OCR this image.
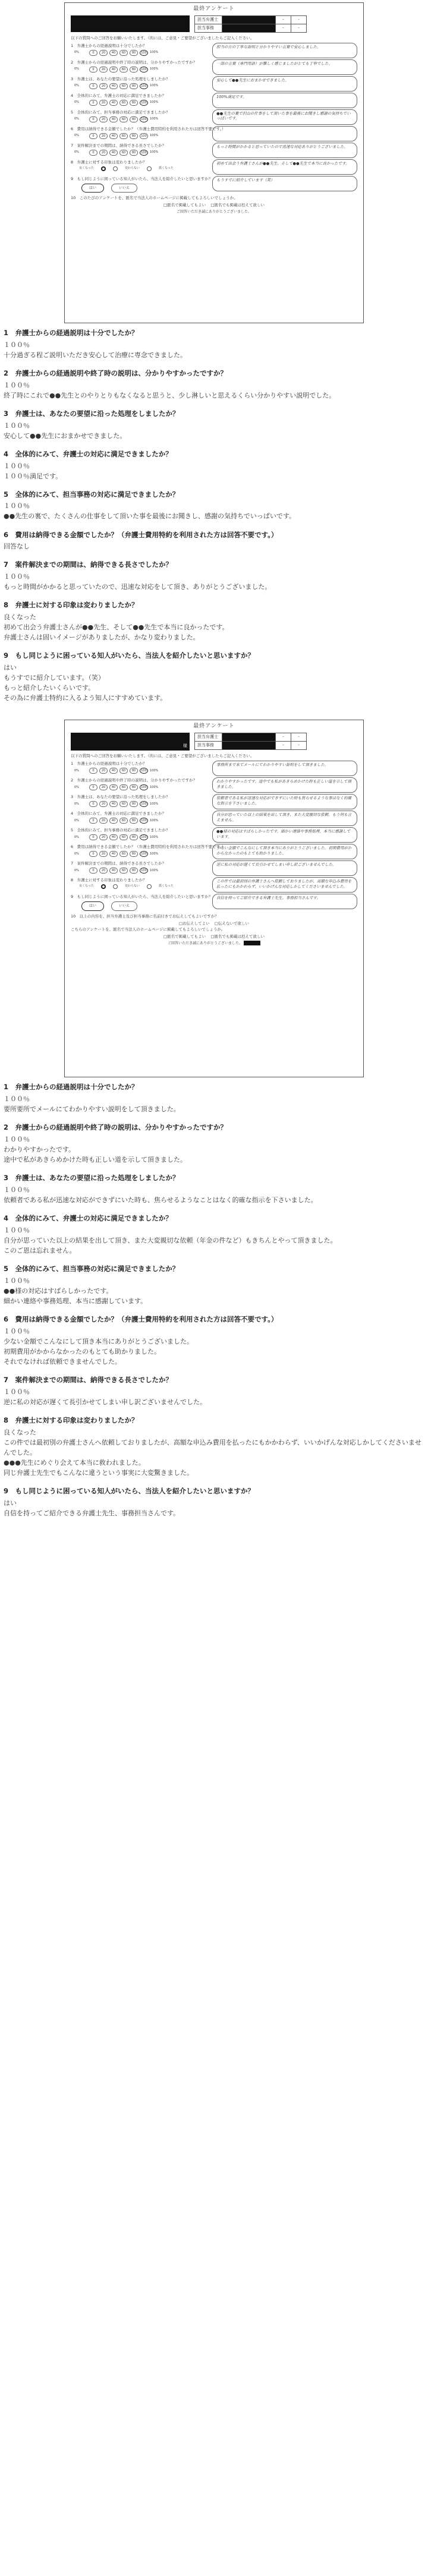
最終アンケート
担当弁護士		-	-
担当事務		-	-
以下の質問へのご回答をお願いいたします。（的には、ご意見・ご要望がございましたらご記入ください。
1　弁護士からの経過説明は十分でしたか？
0%	0	20	40	60	80	100	100%
担当の方の丁寧な説明と分かりやすい言葉で安心しました。
2　弁護士からの経過説明や終了時の説明は、分かりやすかったですか？
0%	0	20	40	60	80	100	100%
一部の言葉（専門用語）が難しく感じましたがとても丁寧でした。
3　弁護士は、あなたの要望に沿った処理をしましたか？
0%	0	20	40	60	80	100	100%
安心して●●先生におまかせできました。
4　全体的にみて、弁護士の対応に満足できましたか？
0%	0	20	40	60	80	100	100%
100%満足です。
5　全体的にみて、担当事務の対応に満足できましたか？
0%	0	20	40	60	80	100	100%
●●先生の裏で沢山の仕事をして頂いた事を最後にお聞きし感謝の気持ちでいっぱいです。
6　費用は納得できる金額でしたか？（弁護士費用特約を利用された方は回答不要です。）
0%	0	20	40	60	80	100	100%
7　案件解決までの期間は、納得できる長さでしたか？
0%	0	20	40	60	80	100	100%
もっと時間がかかると思っていたので迅速な対応ありがとうございました。
8　弁護士に対する印象は変わりましたか？
良くなった	変わらない	悪くなった
初めて出会う弁護士さんが●●先生、そして●●先生で本当に良かったです。
9　もし同じように困っている知人がいたら、当法人を紹介したいと思いますか？
はい	いいえ
もうすでに紹介しています（笑）
10　このたびのアンケートを、匿名で当法人のホームページに掲載してもよろしいでしょうか。
□匿名で掲載してもよい □匿名でも掲載は控えて欲しい
ご回答いただき誠にありがとうございました。
1　弁護士からの経過説明は十分でしたか？

１００％

十分過ぎる程ご説明いただき安心して治療に専念できました。

2　弁護士からの経過説明や終了時の説明は、分かりやすかったですか？

１００％

終了時にこれで●●先生とのやりとりもなくなると思うと、少し淋しいと思えるくらい分かりやすい説明でした。

3　弁護士は、あなたの要望に沿った処理をしましたか？

１００％

安心して●●先生におまかせできました。

4　全体的にみて、弁護士の対応に満足できましたか？

１００％

１００％満足です。

5　全体的にみて、担当事務の対応に満足できましたか？

１００％

●●先生の裏で、たくさんの仕事をして頂いた事を最後にお聞きし、感謝の気持ちでいっぱいです。

6　費用は納得できる金額でしたか？（弁護士費用特約を利用された方は回答不要です。）

回答なし

7　案件解決までの期間は、納得できる長さでしたか？

１００％

もっと時間がかかると思っていたので、迅速な対応をして頂き、ありがとうございました。

8　弁護士に対する印象は変わりましたか？

良くなった

初めて出会う弁護士さんが●●先生、そして●●先生で本当に良かったです。

弁護士さんは固いイメージがありましたが、かなり変わりました。

9　もし同じように困っている知人がいたら、当法人を紹介したいと思いますか？

はい

もうすでに紹介しています。（笑）

もっと紹介したいくらいです。

その為に弁護士特約に入るよう知人にすすめています。

最終アンケート
様
担当弁護士		-	-
担当事務		-	-
以下の質問へのご回答をお願いいたします。（的には、ご意見・ご要望がございましたらご記入ください。
1　弁護士からの経過説明は十分でしたか？
0%	0	20	40	60	80	100	100%
事務所まで来てメールにてわかりやすい説明をして頂きました。
2　弁護士からの経過説明や終了時の説明は、分かりやすかったですか？
0%	0	20	40	60	80	100	100%
わかりやすかったです。途中でも私があきらめかけた時も正しい道を示して頂きました。
3　弁護士は、あなたの要望に沿った処理をしましたか？
0%	0	20	40	60	80	100	100%
依頼者である私が迅速な対応ができずにいた時も焦らせるような事はなく的確な指示を下さいました。
4　全体的にみて、弁護士の対応に満足できましたか？
0%	0	20	40	60	80	100	100%
自分が思っていた以上の結果を出して頂き、また大変親切な依頼。もう何も言えません。
5　全体的にみて、担当事務の対応に満足できましたか？
0%	0	20	40	60	80	100	100%
●●様の対応はすばらしかったです。細かい連絡や事務処理、本当に感謝しています。
6　費用は納得できる金額でしたか？（弁護士費用特約を利用された方は回答不要です。）
0%	0	20	40	60	80	100	100%
少ない金額でこんなにして頂き本当にありがとうございました。初期費用がかからなかったのもとても助かりました。
7　案件解決までの期間は、納得できる長さでしたか？
0%	0	20	40	60	80	100	100%
逆に私の対応が遅くて長引かせてしまい申し訳ございませんでした。
8　弁護士に対する印象は変わりましたか？
良くなった	変わらない	悪くなった
この件では最初別の弁護士さんへ依頼しておりましたが、高額な申込み費用を払ったにもかかわらず、いいかげんな対応しかしてくださいませんでした。
9　もし同じように困っている知人がいたら、当法人を紹介したいと思いますか？
はい	いいえ
自信を持ってご紹介できる弁護士先生、事務担当さんです。
10　以上の内容を、担当弁護士及び担当事務に名前付きでお伝えしてもよいですか？
□お伝えしてよい □伝えないで欲しい
こちらのアンケートを、匿名で当法人のホームページに掲載してもよろしいでしょうか。
□匿名で掲載してもよい □匿名でも掲載は控えて欲しい
ご回答いただき誠にありがとうございました。
1　弁護士からの経過説明は十分でしたか？

１００％

要所要所でメールにてわかりやすい説明をして頂きました。

2　弁護士からの経過説明や終了時の説明は、分かりやすかったですか？

１００％

わかりやすかったです。

途中で私があきらめかけた時も正しい道を示して頂きました。

3　弁護士は、あなたの要望に沿った処理をしましたか？

１００％

依頼者である私が迅速な対応ができずにいた時も、焦らせるようなことはなく的確な指示を下さいました。

4　全体的にみて、弁護士の対応に満足できましたか？

１００％

自分が思っていた以上の結果を出して頂き、また大変親切な依頼（年金の件など）もきちんとやって頂きました。

このご恩は忘れません。

5　全体的にみて、担当事務の対応に満足できましたか？

１００％

●●様の対応はすばらしかったです。

細かい連絡や事務処理、本当に感謝しています。

6　費用は納得できる金額でしたか？（弁護士費用特約を利用された方は回答不要です。）

１００％

少ない金額でこんなにして頂き本当にありがとうございました。

初期費用がかからなかったのもとても助かりました。

それでなければ依頼できませんでした。

7　案件解決までの期間は、納得できる長さでしたか？

１００％

逆に私の対応が遅くて長引かせてしまい申し訳ございませんでした。

8　弁護士に対する印象は変わりましたか？

良くなった

この件では最初別の弁護士さんへ依頼しておりましたが、高額な申込み費用を払ったにもかかわらず、いいかげんな対応しかしてくださいませんでした。

●●●先生にめぐり会えて本当に救われました。

同じ弁護士先生でもこんなに違うという事実に大変驚きました。

9　もし同じように困っている知人がいたら、当法人を紹介したいと思いますか？

はい

自信を持ってご紹介できる弁護士先生、事務担当さんです。
